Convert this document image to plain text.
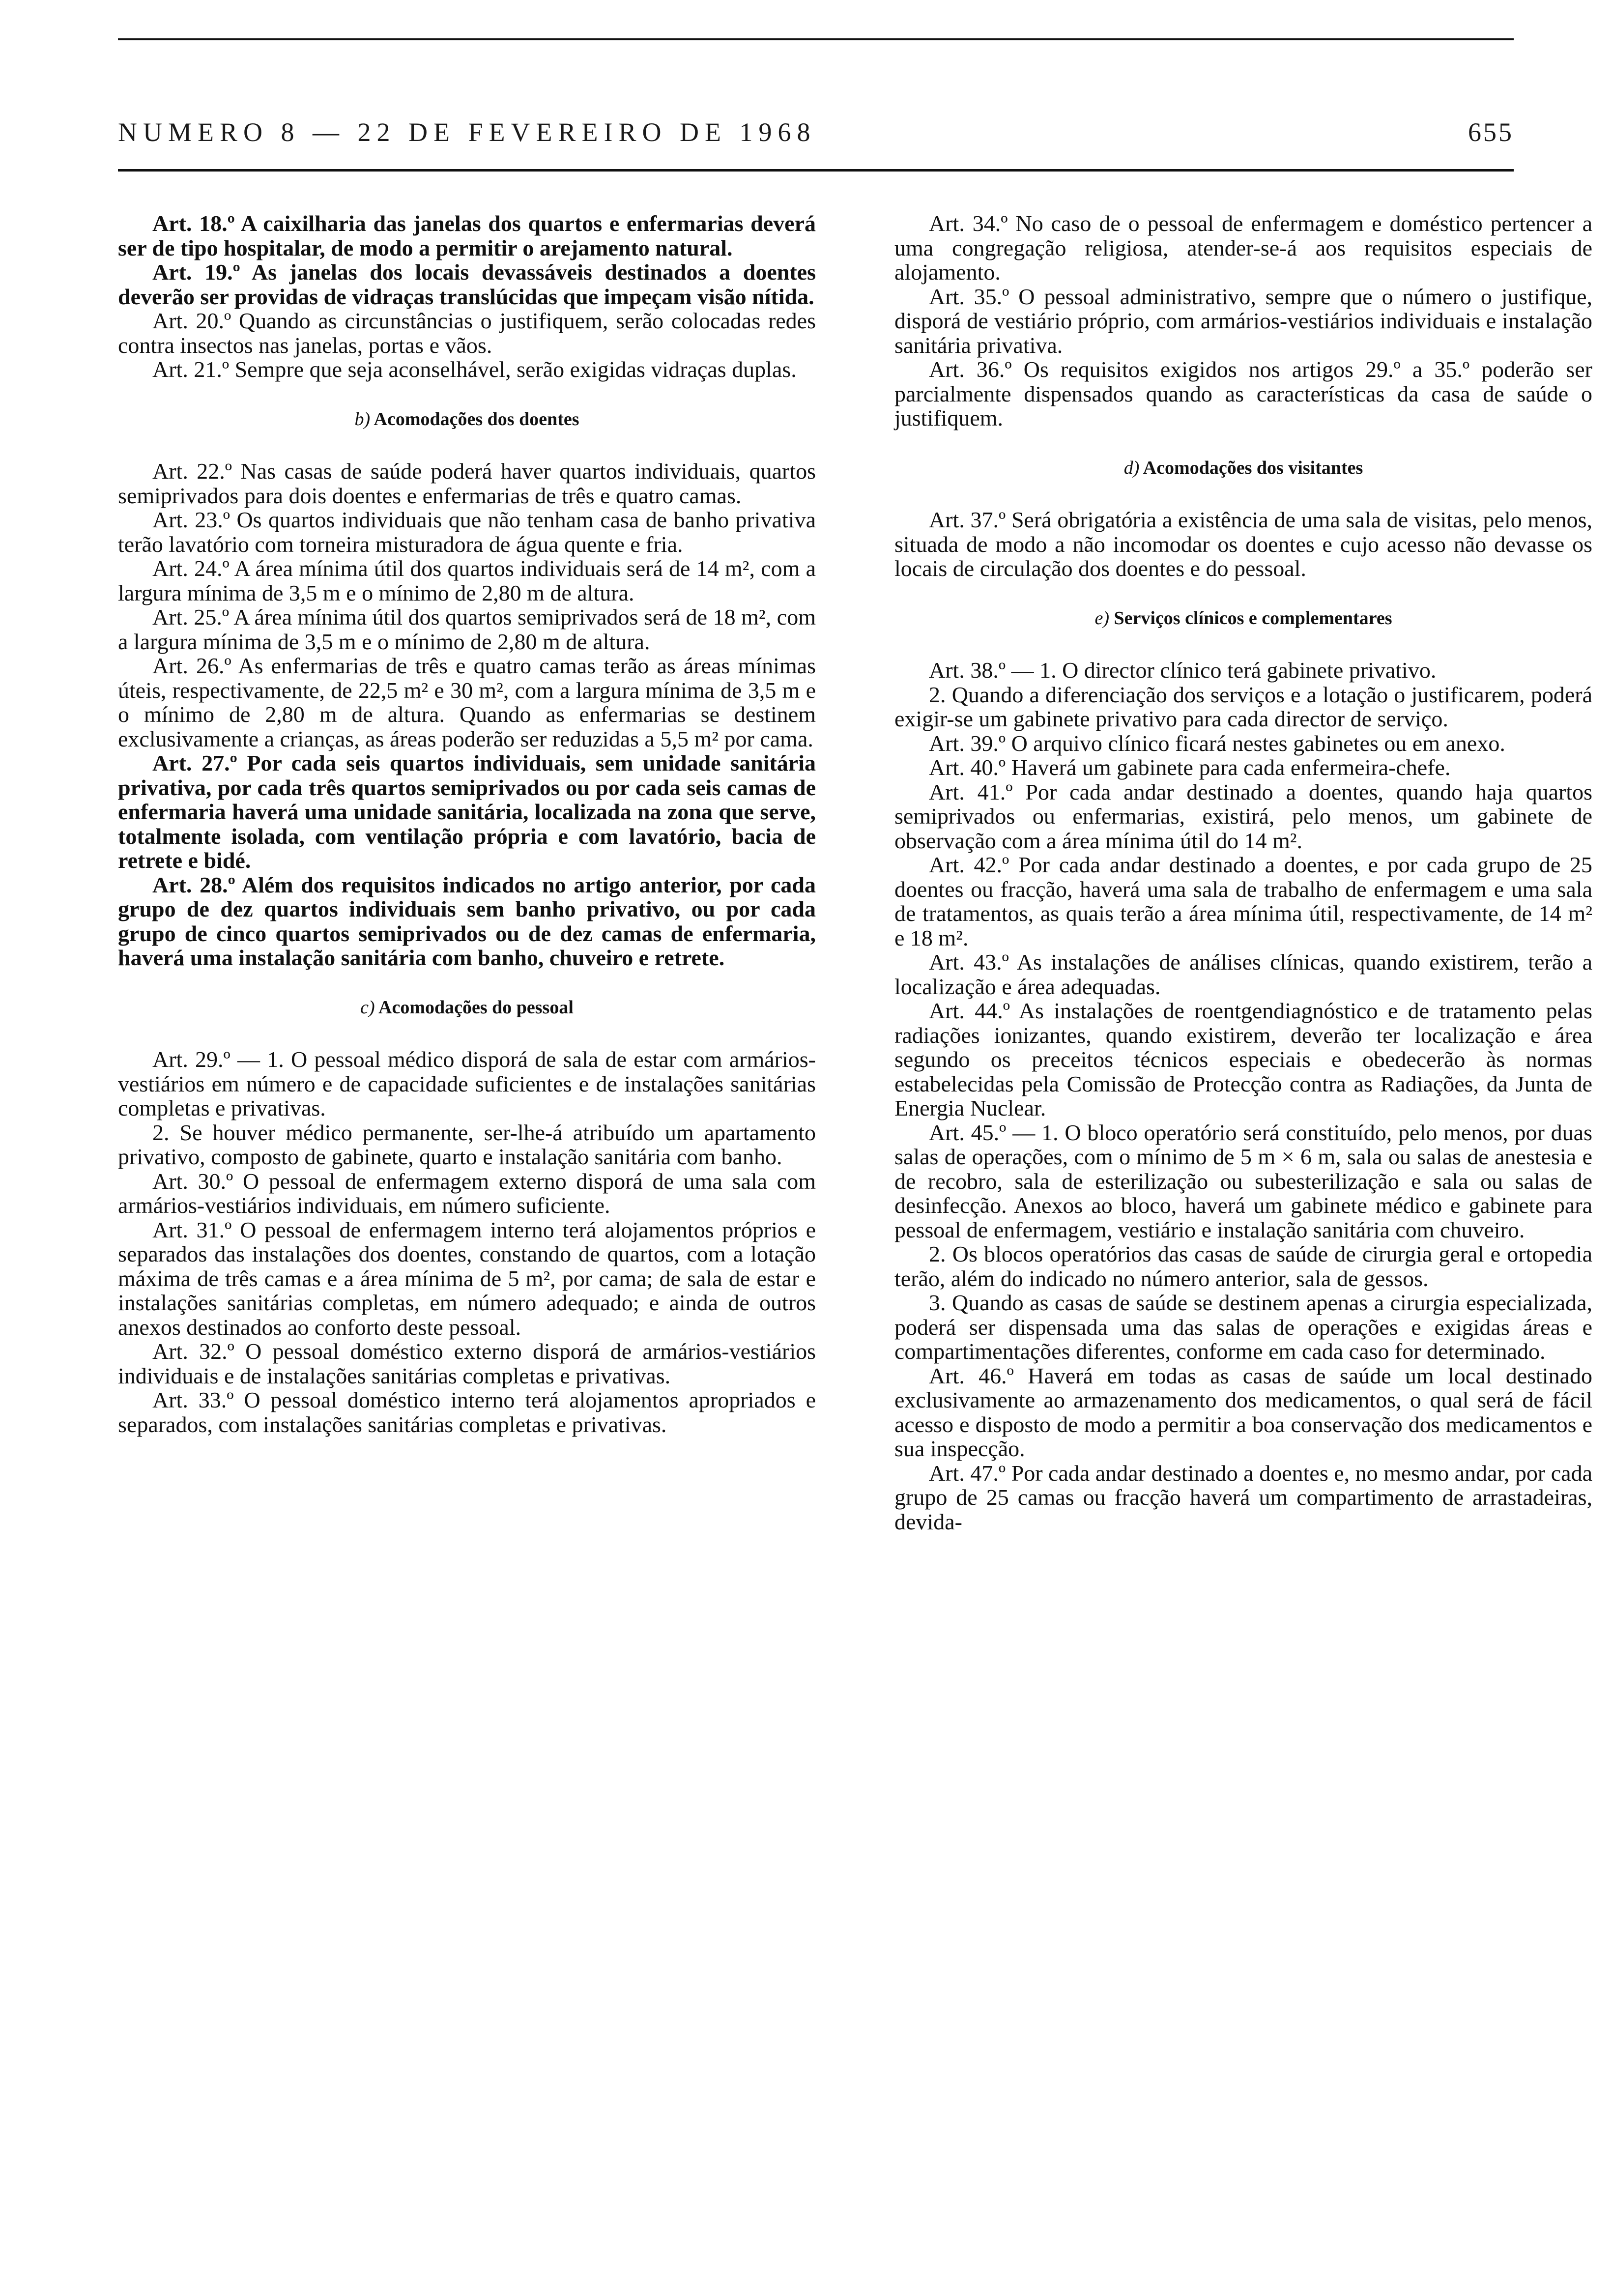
NUMERO 8 — 22 DE FEVEREIRO DE 1968	655

Art. 18.º A caixilharia das janelas dos quartos e enfermarias deverá ser de tipo hospitalar, de modo a permitir o arejamento natural.

Art. 19.º As janelas dos locais devassáveis destinados a doentes deverão ser providas de vidraças translúcidas que impeçam visão nítida.

Art. 20.º Quando as circunstâncias o justifiquem, serão colocadas redes contra insectos nas janelas, portas e vãos.

Art. 21.º Sempre que seja aconselhável, serão exigidas vidraças duplas.

b) Acomodações dos doentes

Art. 22.º Nas casas de saúde poderá haver quartos individuais, quartos semiprivados para dois doentes e enfermarias de três e quatro camas.

Art. 23.º Os quartos individuais que não tenham casa de banho privativa terão lavatório com torneira misturadora de água quente e fria.

Art. 24.º A área mínima útil dos quartos individuais será de 14 m², com a largura mínima de 3,5 m e o mínimo de 2,80 m de altura.

Art. 25.º A área mínima útil dos quartos semiprivados será de 18 m², com a largura mínima de 3,5 m e o mínimo de 2,80 m de altura.

Art. 26.º As enfermarias de três e quatro camas terão as áreas mínimas úteis, respectivamente, de 22,5 m² e 30 m², com a largura mínima de 3,5 m e o mínimo de 2,80 m de altura. Quando as enfermarias se destinem exclusivamente a crianças, as áreas poderão ser reduzidas a 5,5 m² por cama.

Art. 27.º Por cada seis quartos individuais, sem unidade sanitária privativa, por cada três quartos semiprivados ou por cada seis camas de enfermaria haverá uma unidade sanitária, localizada na zona que serve, totalmente isolada, com ventilação própria e com lavatório, bacia de retrete e bidé.

Art. 28.º Além dos requisitos indicados no artigo anterior, por cada grupo de dez quartos individuais sem banho privativo, ou por cada grupo de cinco quartos semiprivados ou de dez camas de enfermaria, haverá uma instalação sanitária com banho, chuveiro e retrete.

c) Acomodações do pessoal

Art. 29.º — 1. O pessoal médico disporá de sala de estar com armários-vestiários em número e de capacidade suficientes e de instalações sanitárias completas e privativas.

2. Se houver médico permanente, ser-lhe-á atribuído um apartamento privativo, composto de gabinete, quarto e instalação sanitária com banho.

Art. 30.º O pessoal de enfermagem externo disporá de uma sala com armários-vestiários individuais, em número suficiente.

Art. 31.º O pessoal de enfermagem interno terá alojamentos próprios e separados das instalações dos doentes, constando de quartos, com a lotação máxima de três camas e a área mínima de 5 m², por cama; de sala de estar e instalações sanitárias completas, em número adequado; e ainda de outros anexos destinados ao conforto deste pessoal.

Art. 32.º O pessoal doméstico externo disporá de armários-vestiários individuais e de instalações sanitárias completas e privativas.

Art. 33.º O pessoal doméstico interno terá alojamentos apropriados e separados, com instalações sanitárias completas e privativas.

Art. 34.º No caso de o pessoal de enfermagem e doméstico pertencer a uma congregação religiosa, atender-se-á aos requisitos especiais de alojamento.

Art. 35.º O pessoal administrativo, sempre que o número o justifique, disporá de vestiário próprio, com armários-vestiários individuais e instalação sanitária privativa.

Art. 36.º Os requisitos exigidos nos artigos 29.º a 35.º poderão ser parcialmente dispensados quando as características da casa de saúde o justifiquem.

d) Acomodações dos visitantes

Art. 37.º Será obrigatória a existência de uma sala de visitas, pelo menos, situada de modo a não incomodar os doentes e cujo acesso não devasse os locais de circulação dos doentes e do pessoal.

e) Serviços clínicos e complementares

Art. 38.º — 1. O director clínico terá gabinete privativo.

2. Quando a diferenciação dos serviços e a lotação o justificarem, poderá exigir-se um gabinete privativo para cada director de serviço.

Art. 39.º O arquivo clínico ficará nestes gabinetes ou em anexo.

Art. 40.º Haverá um gabinete para cada enfermeira-chefe.

Art. 41.º Por cada andar destinado a doentes, quando haja quartos semiprivados ou enfermarias, existirá, pelo menos, um gabinete de observação com a área mínima útil do 14 m².

Art. 42.º Por cada andar destinado a doentes, e por cada grupo de 25 doentes ou fracção, haverá uma sala de trabalho de enfermagem e uma sala de tratamentos, as quais terão a área mínima útil, respectivamente, de 14 m² e 18 m².

Art. 43.º As instalações de análises clínicas, quando existirem, terão a localização e área adequadas.

Art. 44.º As instalações de roentgendiagnóstico e de tratamento pelas radiações ionizantes, quando existirem, deverão ter localização e área segundo os preceitos técnicos especiais e obedecerão às normas estabelecidas pela Comissão de Protecção contra as Radiações, da Junta de Energia Nuclear.

Art. 45.º — 1. O bloco operatório será constituído, pelo menos, por duas salas de operações, com o mínimo de 5 m × 6 m, sala ou salas de anestesia e de recobro, sala de esterilização ou subesterilização e sala ou salas de desinfecção. Anexos ao bloco, haverá um gabinete médico e gabinete para pessoal de enfermagem, vestiário e instalação sanitária com chuveiro.

2. Os blocos operatórios das casas de saúde de cirurgia geral e ortopedia terão, além do indicado no número anterior, sala de gessos.

3. Quando as casas de saúde se destinem apenas a cirurgia especializada, poderá ser dispensada uma das salas de operações e exigidas áreas e compartimentações diferentes, conforme em cada caso for determinado.

Art. 46.º Haverá em todas as casas de saúde um local destinado exclusivamente ao armazenamento dos medicamentos, o qual será de fácil acesso e disposto de modo a permitir a boa conservação dos medicamentos e sua inspecção.

Art. 47.º Por cada andar destinado a doentes e, no mesmo andar, por cada grupo de 25 camas ou fracção haverá um compartimento de arrastadeiras, devida-
